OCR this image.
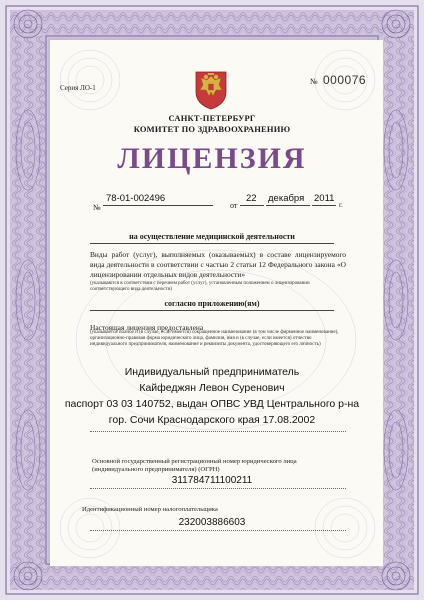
Серия ЛО-1
№ 000076
САНКТ-ПЕТЕРБУРГ
КОМИТЕТ ПО ЗДРАВООХРАНЕНИЮ
ЛИЦЕНЗИЯ
№
78-01-002496
от
22 декабря 2011
г.
на осуществление медицинской деятельности
Виды работ (услуг), выполняемых (оказываемых) в составе лицензируемого вида деятельности в соответствии с частью 2 статьи 12 Федерального закона «О лицензировании отдельных видов деятельности»
(указываются в соответствии с перечнем работ (услуг), установленным положением о лицензировании соответствующего вида деятельности)
согласно приложению(ям)
Настоящая лицензия предоставлена
(указывается полное и (в случае, если имеется) сокращенное наименование (в том числе фирменное наименование), организационно-правовая форма юридического лица, фамилия, имя и (в случае, если имеется) отчество индивидуального предпринимателя, наименование и реквизиты документа, удостоверяющего его личность)
Индивидуальный предприниматель
Кайфеджян Левон Суренович
паспорт 03 03 140752, выдан ОПВС УВД Центрального р-на
гор. Сочи Краснодарского края 17.08.2002
Основной государственный регистрационный номер юридического лица
(индивидуального предпринимателя) (ОГРН)
311784711100211
Идентификационный номер налогоплательщика
232003886603
